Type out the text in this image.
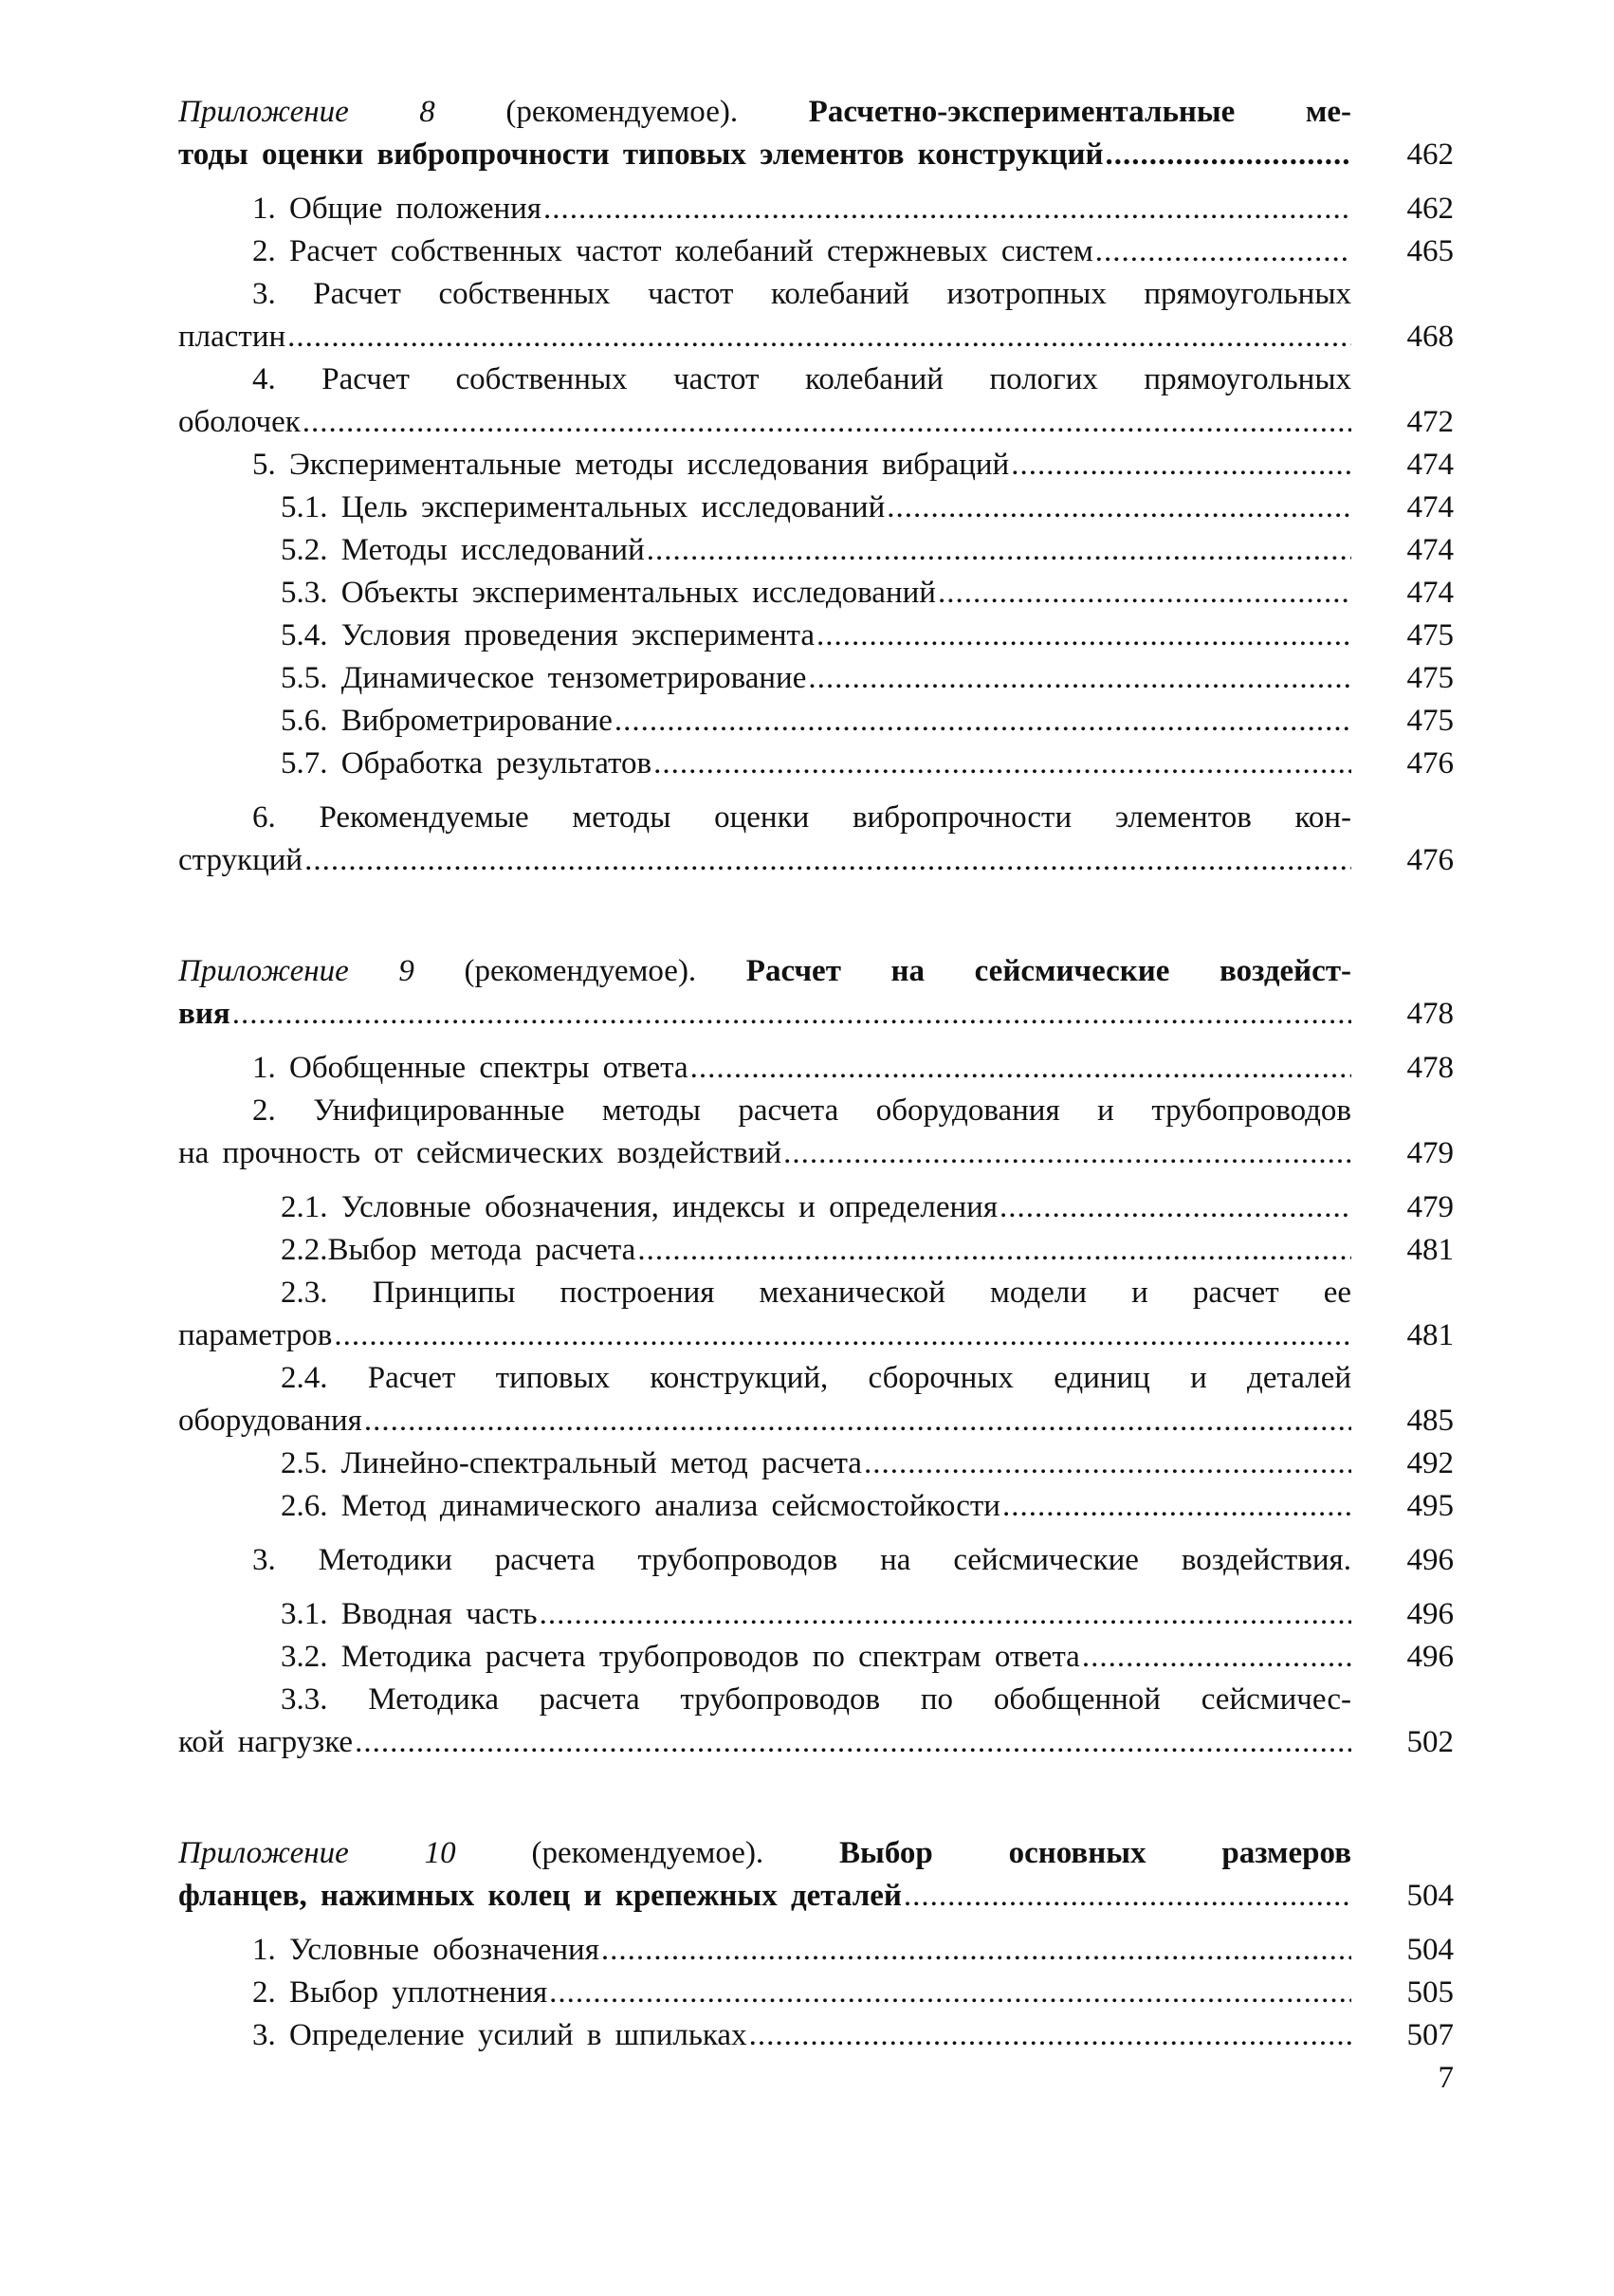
Приложение 8 (рекомендуемое). Расчетно-экспериментальные ме-
тоды оценки вибропрочности типовых элементов конструкций .....	462
1. Общие положения .....	462
2. Расчет собственных частот колебаний стержневых систем .....	465
3. Расчет собственных частот колебаний изотропных прямоугольных
пластин .....	468
4. Расчет собственных частот колебаний пологих прямоугольных
оболочек .....	472
5. Экспериментальные методы исследования вибраций .....	474
5.1. Цель экспериментальных исследований .....	474
5.2. Методы исследований .....	474
5.3. Объекты экспериментальных исследований .....	474
5.4. Условия проведения эксперимента .....	475
5.5. Динамическое тензометрирование .....	475
5.6. Виброметрирование .....	475
5.7. Обработка результатов .....	476
6. Рекомендуемые методы оценки вибропрочности элементов кон-
струкций .....	476
Приложение 9 (рекомендуемое). Расчет на сейсмические воздейст-
вия .....	478
1. Обобщенные спектры ответа .....	478
2. Унифицированные методы расчета оборудования и трубопроводов
на прочность от сейсмических воздействий .....	479
2.1. Условные обозначения, индексы и определения .....	479
2.2.Выбор метода расчета .....	481
2.3. Принципы построения механической модели и расчет ее
параметров .....	481
2.4. Расчет типовых конструкций, сборочных единиц и деталей
оборудования .....	485
2.5. Линейно-спектральный метод расчета .....	492
2.6. Метод динамического анализа сейсмостойкости .....	495
3. Методики расчета трубопроводов на сейсмические воздействия.	496
3.1. Вводная часть .....	496
3.2. Методика расчета трубопроводов по спектрам ответа .....	496
3.3. Методика расчета трубопроводов по обобщенной сейсмичес-
кой нагрузке .....	502
Приложение 10 (рекомендуемое). Выбор основных размеров
фланцев, нажимных колец и крепежных деталей .....	504
1. Условные обозначения .....	504
2. Выбор уплотнения .....	505
3. Определение усилий в шпильках .....	507
7
